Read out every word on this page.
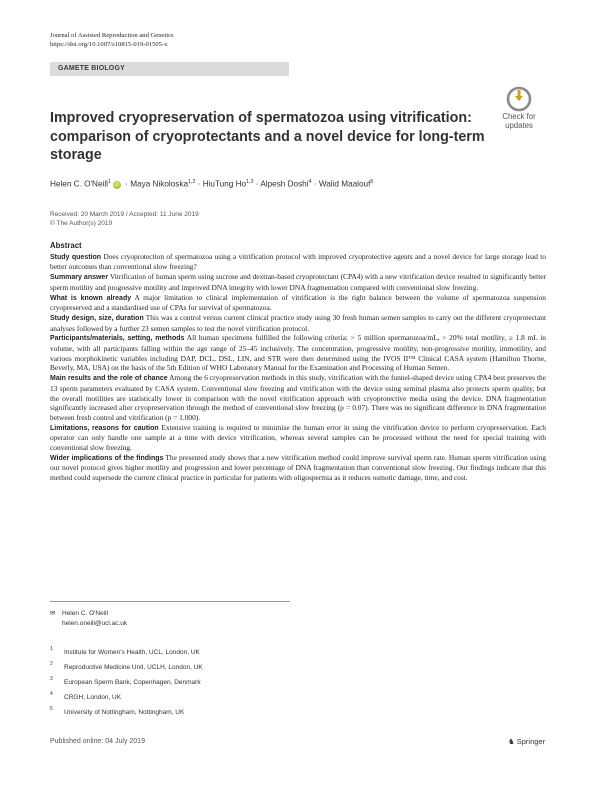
Journal of Assisted Reproduction and Genetics
https://doi.org/10.1007/s10815-019-01505-x
GAMETE BIOLOGY
Check for
updates
Improved cryopreservation of spermatozoa using vitrification: comparison of cryoprotectants and a novel device for long-term storage
Helen C. O'Neill$^1$ iD · Maya Nikoloska$^{1,2}$ · HiuTung Ho$^{1,3}$ · Alpesh Doshi$^4$ · Walid Maalouf$^5$
Received: 20 March 2019 / Accepted: 11 June 2019
© The Author(s) 2019
Abstract

Study question Does cryoprotection of spermatozoa using a vitrification protocol with improved cryoprotective agents and a novel device for large storage lead to better outcomes than conventional slow freezing?

Summary answer Vitrification of human sperm using sucrose and dextran-based cryoprotectant (CPA4) with a new vitrification device resulted in significantly better sperm motility and progressive motility and improved DNA integrity with lower DNA fragmentation compared with conventional slow freezing.

What is known already A major limitation to clinical implementation of vitrification is the right balance between the volume of spermatozoa suspension cryopreserved and a standardised use of CPAs for survival of spermatozoa.

Study design, size, duration This was a control versus current clinical practice study using 30 fresh human semen samples to carry out the different cryoprotectant analyses followed by a further 23 semen samples to test the novel vitrification protocol.

Participants/materials, setting, methods All human specimens fulfilled the following criteria: > 5 million spermatozoa/mL, > 20% total motility, ≥ 1.8 mL in volume, with all participants falling within the age range of 25–45 inclusively. The concentration, progressive motility, non-progressive motility, immotility, and various morphokinetic variables including DAP, DCL, DSL, LIN, and STR were then determined using the IVOS II™ Clinical CASA system (Hamilton Thorne, Beverly, MA, USA) on the basis of the 5th Edition of WHO Laboratory Manual for the Examination and Processing of Human Semen.

Main results and the role of chance Among the 6 cryopreservation methods in this study, vitrification with the funnel-shaped device using CPA4 best preserves the 13 sperm parameters evaluated by CASA system. Conventional slow freezing and vitrification with the device using seminal plasma also protects sperm quality, but the overall motilities are statistically lower in comparison with the novel vitrification approach with cryoprotective media using the device. DNA fragmentation significantly increased after cryopreservation through the method of conventional slow freezing (p = 0.07). There was no significant difference in DNA fragmentation between fresh control and vitrification (p = 1.000).

Limitations, reasons for caution Extensive training is required to minimise the human error in using the vitrification device to perform cryopreservation. Each operator can only handle one sample at a time with device vitrification, whereas several samples can be processed without the need for special training with conventional slow freezing.

Wider implications of the findings The presented study shows that a new vitrification method could improve survival sperm rate. Human sperm vitrification using our novel protocol gives higher motility and progression and lower percentage of DNA fragmentation than conventional slow freezing. Our findings indicate that this method could supersede the current clinical practice in particular for patients with oligospermia as it reduces osmotic damage, time, and cost.

✉ Helen C. O'Neill
helen.oneill@ucl.ac.uk
$^1$ Institute for Women's Health, UCL, London, UK
$^2$ Reproductive Medicine Unit, UCLH, London, UK
$^3$ European Sperm Bank, Copenhagen, Denmark
$^4$ CRGH, London, UK
$^5$ University of Nottingham, Nottingham, UK
Published online: 04 July 2019	♞ Springer
